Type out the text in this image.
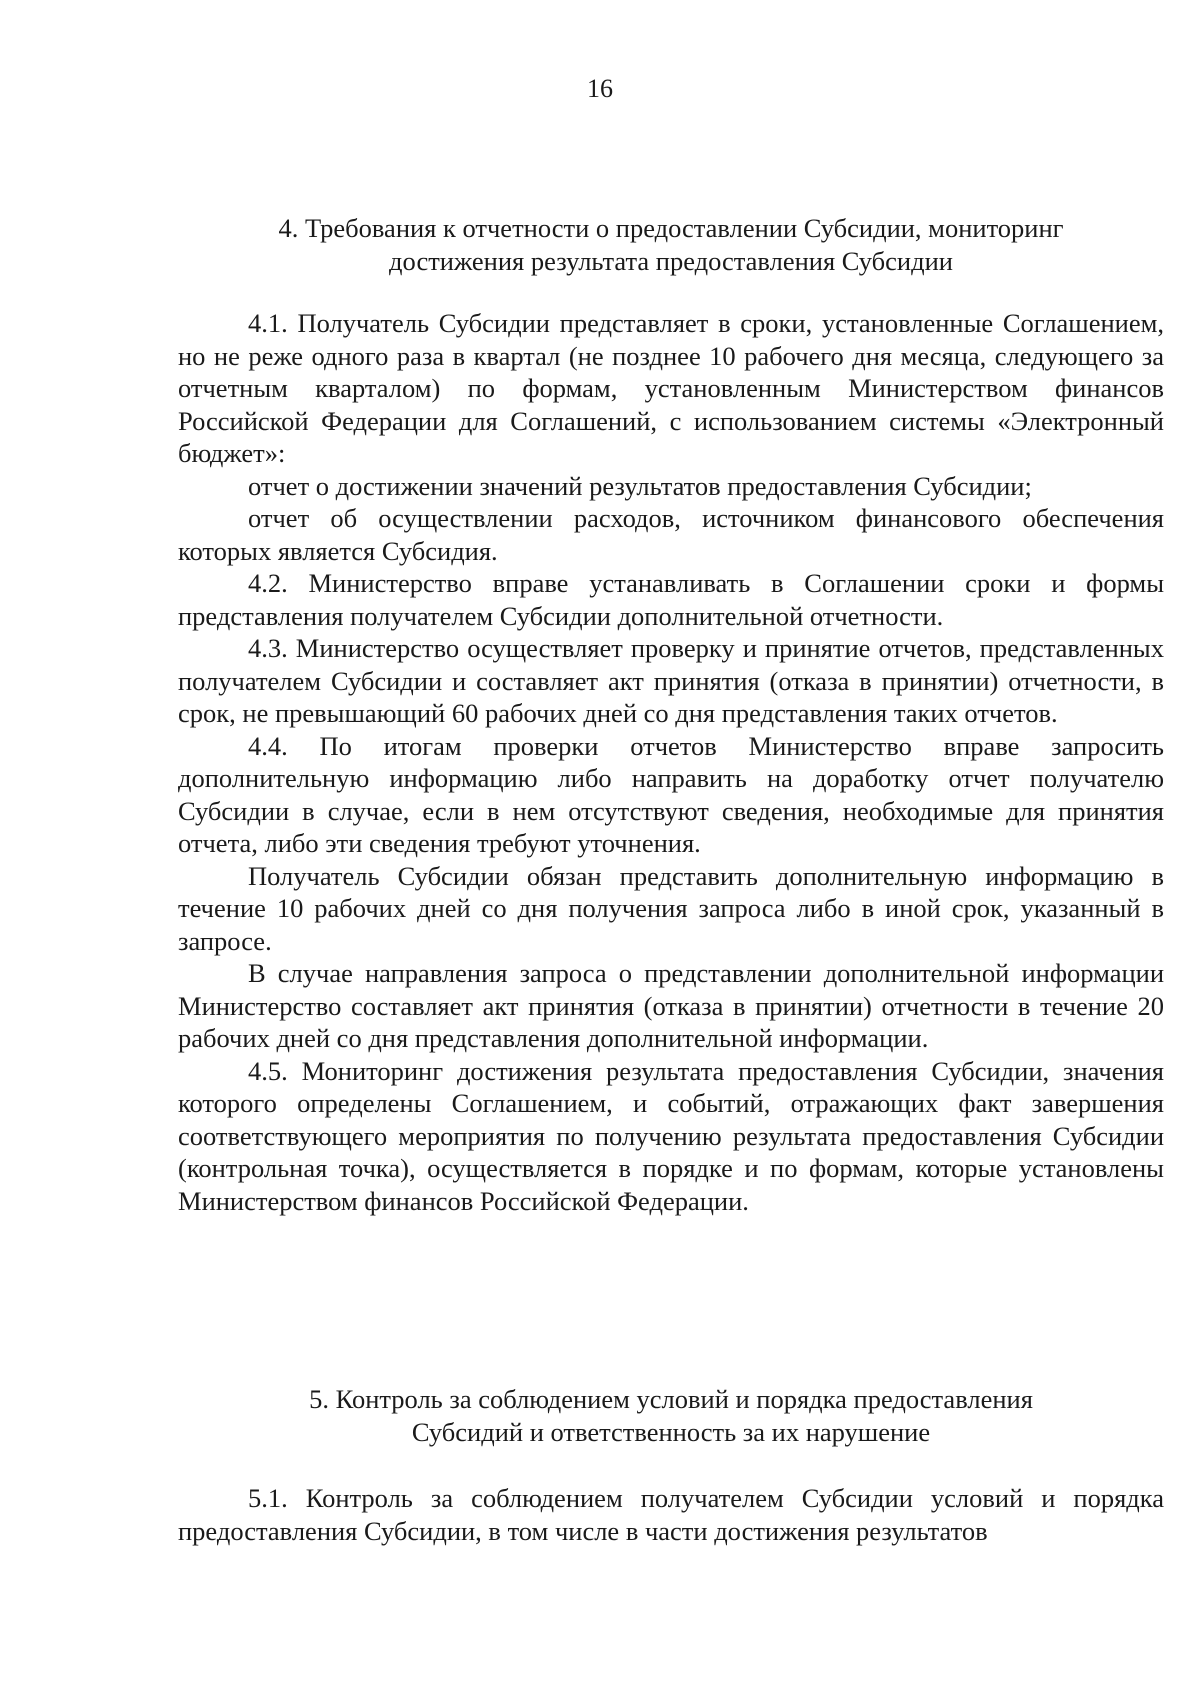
16
4. Требования к отчетности о предоставлении Субсидии, мониторинг
достижения результата предоставления Субсидии

4.1. Получатель Субсидии представляет в сроки, установленные Соглашением, но не реже одного раза в квартал (не позднее 10 рабочего дня месяца, следующего за отчетным кварталом) по формам, установленным Министерством финансов Российской Федерации для Соглашений, с использованием системы «Электронный бюджет»:

отчет о достижении значений результатов предоставления Субсидии;

отчет об осуществлении расходов, источником финансового обеспечения которых является Субсидия.

4.2. Министерство вправе устанавливать в Соглашении сроки и формы представления получателем Субсидии дополнительной отчетности.

4.3. Министерство осуществляет проверку и принятие отчетов, представленных получателем Субсидии и составляет акт принятия (отказа в принятии) отчетности, в срок, не превышающий 60 рабочих дней со дня представления таких отчетов.

4.4. По итогам проверки отчетов Министерство вправе запросить дополнительную информацию либо направить на доработку отчет получателю Субсидии в случае, если в нем отсутствуют сведения, необходимые для принятия отчета, либо эти сведения требуют уточнения.

Получатель Субсидии обязан представить дополнительную информацию в течение 10 рабочих дней со дня получения запроса либо в иной срок, указанный в запросе.

В случае направления запроса о представлении дополнительной информации Министерство составляет акт принятия (отказа в принятии) отчетности в течение 20 рабочих дней со дня представления дополнительной информации.

4.5. Мониторинг достижения результата предоставления Субсидии, значения которого определены Соглашением, и событий, отражающих факт завершения соответствующего мероприятия по получению результата предоставления Субсидии (контрольная точка), осуществляется в порядке и по формам, которые установлены Министерством финансов Российской Федерации.

5. Контроль за соблюдением условий и порядка предоставления
Субсидий и ответственность за их нарушение

5.1. Контроль за соблюдением получателем Субсидии условий и порядка предоставления Субсидии, в том числе в части достижения результатов
